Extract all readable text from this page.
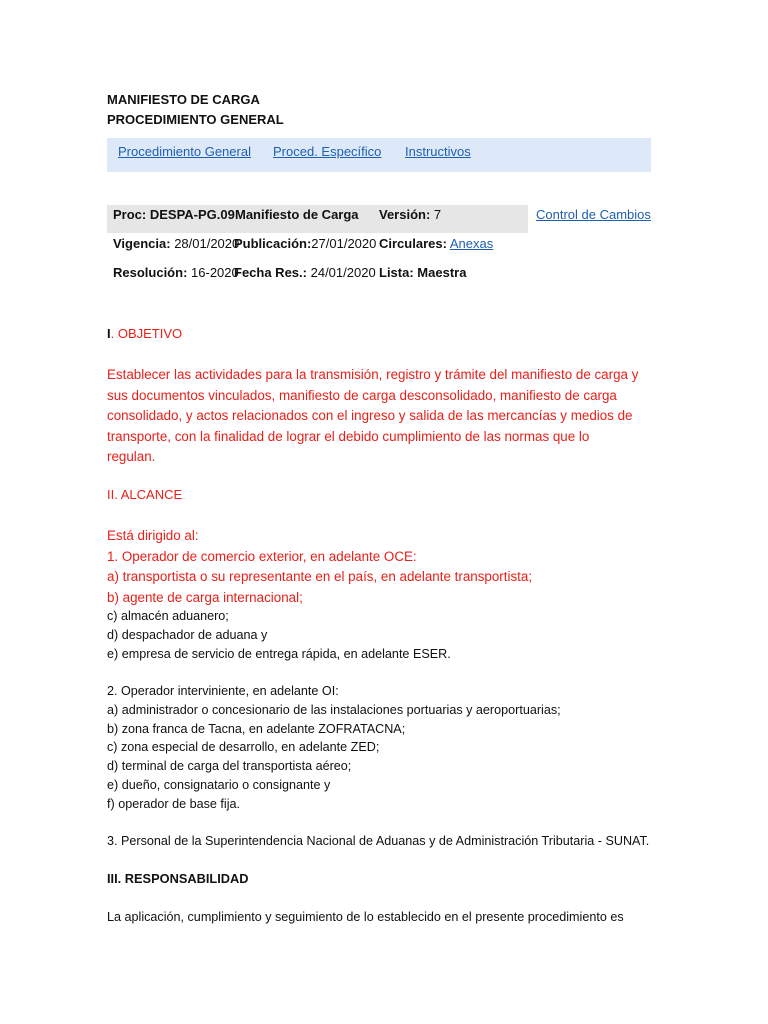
MANIFIESTO DE CARGA
PROCEDIMIENTO GENERAL
Procedimiento General Proced. Específico Instructivos
Proc: DESPA-PG.09 Manifiesto de Carga Versión: 7	Control de Cambios
Vigencia: 28/01/2020
Publicación:27/01/2020 Circulares: Anexas
Resolución: 16-2020
Fecha Res.: 24/01/2020 Lista: Maestra
I. OBJETIVO
Establecer las actividades para la transmisión, registro y trámite del manifiesto de carga y
sus documentos vinculados, manifiesto de carga desconsolidado, manifiesto de carga
consolidado, y actos relacionados con el ingreso y salida de las mercancías y medios de
transporte, con la finalidad de lograr el debido cumplimiento de las normas que lo
regulan.
II. ALCANCE
Está dirigido al:
1. Operador de comercio exterior, en adelante OCE:
a) transportista o su representante en el país, en adelante transportista;
b) agente de carga internacional;
c) almacén aduanero;
d) despachador de aduana y
e) empresa de servicio de entrega rápida, en adelante ESER.
2. Operador interviniente, en adelante OI:
a) administrador o concesionario de las instalaciones portuarias y aeroportuarias;
b) zona franca de Tacna, en adelante ZOFRATACNA;
c) zona especial de desarrollo, en adelante ZED;
d) terminal de carga del transportista aéreo;
e) dueño, consignatario o consignante y
f) operador de base fija.
3. Personal de la Superintendencia Nacional de Aduanas y de Administración Tributaria - SUNAT.
III. RESPONSABILIDAD
La aplicación, cumplimiento y seguimiento de lo establecido en el presente procedimiento es
